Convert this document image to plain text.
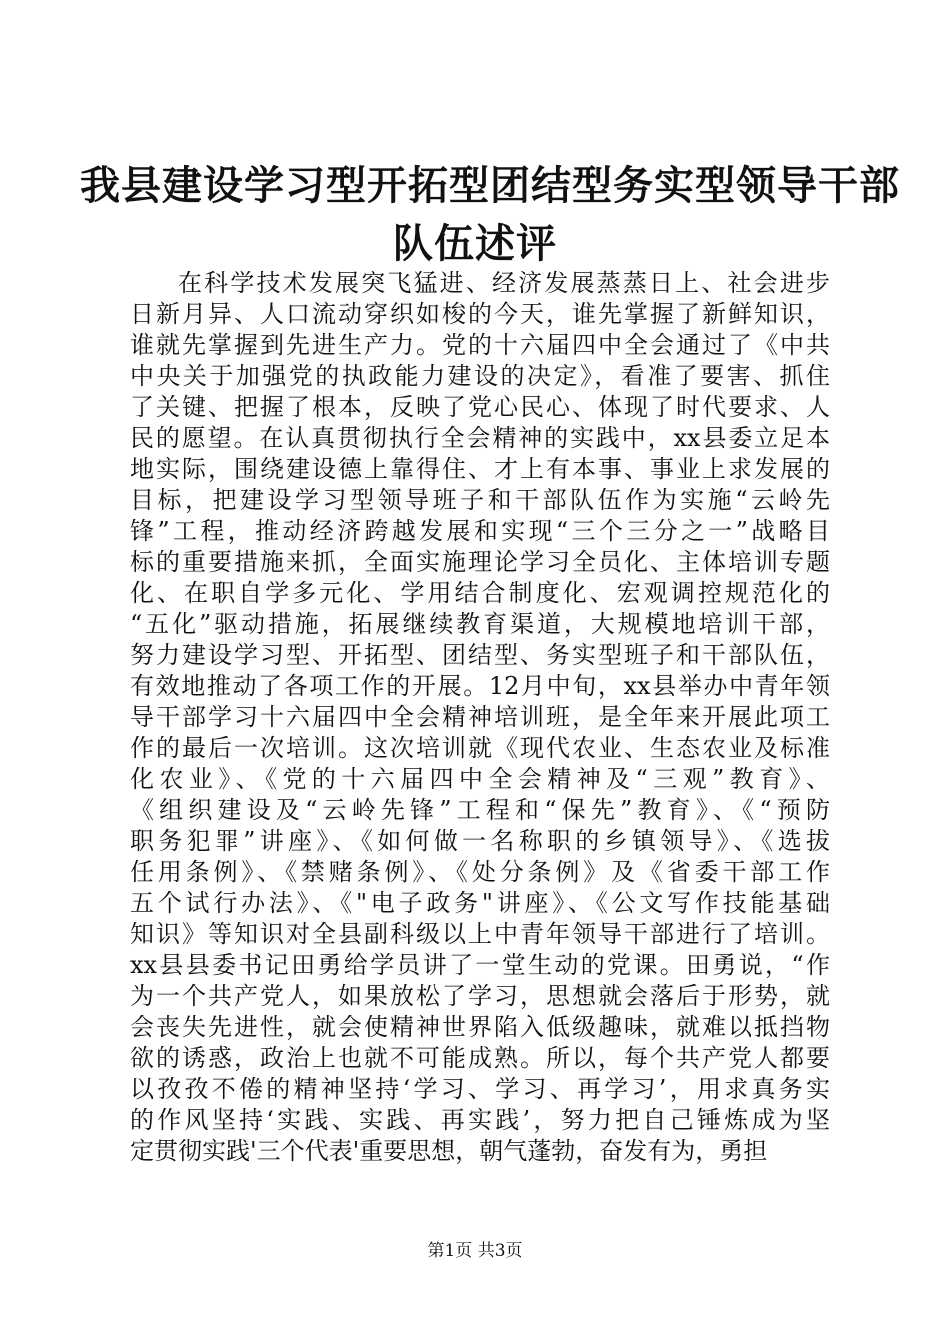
我县建设学习型开拓型团结型务实型领导干部
队伍述评
在科学技术发展突飞猛进、经济发展蒸蒸日上、社会进步
日新月异、人口流动穿织如梭的今天，谁先掌握了新鲜知识，
谁就先掌握到先进生产力。党的十六届四中全会通过了《中共
中央关于加强党的执政能力建设的决定》，看准了要害、抓住
了关键、把握了根本，反映了党心民心、体现了时代要求、人
民的愿望。在认真贯彻执行全会精神的实践中，xx县委立足本
地实际，围绕建设德上靠得住、才上有本事、事业上求发展的
目标，把建设学习型领导班子和干部队伍作为实施“云岭先
锋”工程，推动经济跨越发展和实现“三个三分之一”战略目
标的重要措施来抓，全面实施理论学习全员化、主体培训专题
化、在职自学多元化、学用结合制度化、宏观调控规范化的
“五化”驱动措施，拓展继续教育渠道，大规模地培训干部，
努力建设学习型、开拓型、团结型、务实型班子和干部队伍，
有效地推动了各项工作的开展。12月中旬，xx县举办中青年领
导干部学习十六届四中全会精神培训班，是全年来开展此项工
作的最后一次培训。这次培训就《现代农业、生态农业及标准
化农业》、《党的十六届四中全会精神及“三观”教育》、
《组织建设及“云岭先锋”工程和“保先”教育》、《“预防
职务犯罪”讲座》、《如何做一名称职的乡镇领导》、《选拔
任用条例》、《禁赌条例》、《处分条例》及《省委干部工作
五个试行办法》、《"电子政务"讲座》、《公文写作技能基础
知识》等知识对全县副科级以上中青年领导干部进行了培训。
xx县县委书记田勇给学员讲了一堂生动的党课。田勇说，“作
为一个共产党人，如果放松了学习，思想就会落后于形势，就
会丧失先进性，就会使精神世界陷入低级趣味，就难以抵挡物
欲的诱惑，政治上也就不可能成熟。所以，每个共产党人都要
以孜孜不倦的精神坚持‘学习、学习、再学习’，用求真务实
的作风坚持‘实践、实践、再实践’，努力把自己锤炼成为坚
定贯彻实践'三个代表'重要思想，朝气蓬勃，奋发有为，勇担
第1页 共3页
